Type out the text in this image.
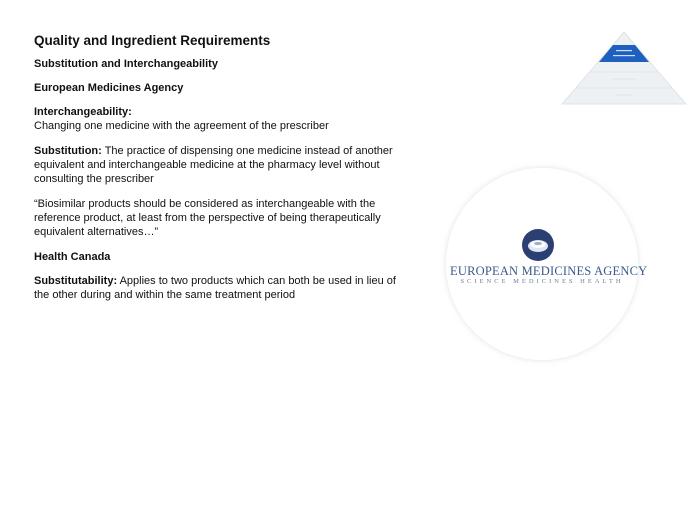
Quality and Ingredient Requirements
Substitution and Interchangeability
European Medicines Agency
Interchangeability:
Changing one medicine with the agreement of the prescriber
Substitution: The practice of dispensing one medicine instead of another equivalent and interchangeable medicine at the pharmacy level without consulting the prescriber
“Biosimilar products should be considered as interchangeable with the reference product, at least from the perspective of being therapeutically equivalent alternatives…”
Health Canada
Substitutability: Applies to two products which can both be used in lieu of the other during and within the same treatment period
EUROPEAN MEDICINES AGENCY
SCIENCE MEDICINES HEALTH
